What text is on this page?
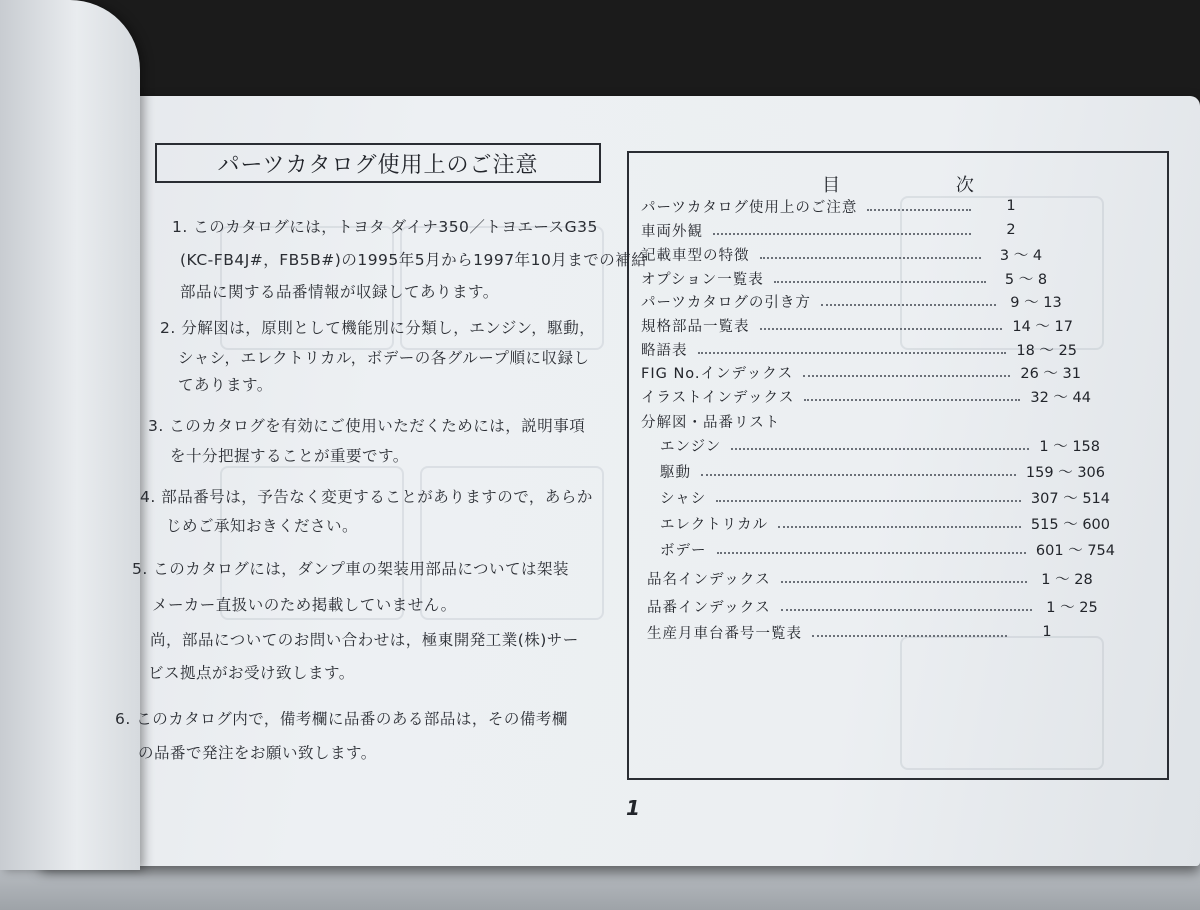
パーツカタログ使用上のご注意
1. このカタログには，トヨタ ダイナ350／トヨエースG35
(KC-FB4J#，FB5B#)の1995年5月から1997年10月までの補給
部品に関する品番情報が収録してあります。
2. 分解図は，原則として機能別に分類し，エンジン，駆動，
シャシ，エレクトリカル，ボデーの各グループ順に収録し
てあります。
3. このカタログを有効にご使用いただくためには，説明事項
を十分把握することが重要です。
4. 部品番号は，予告なく変更することがありますので，あらか
じめご承知おきください。
5. このカタログには，ダンプ車の架装用部品については架装
メーカー直扱いのため掲載していません。
尚，部品についてのお問い合わせは，極東開発工業(株)サー
ビス拠点がお受け致します。
6. このカタログ内で，備考欄に品番のある部品は，その備考欄
の品番で発注をお願い致します。
目	次
パーツカタログ使用上のご注意	1
車両外観	2
記載車型の特徴	3 ～ 4
オプション一覧表	5 ～ 8
パーツカタログの引き方	9 ～ 13
規格部品一覧表	14 ～ 17
略語表	18 ～ 25
FIG No.インデックス	26 ～ 31
イラストインデックス	32 ～ 44
分解図・品番リスト
エンジン	1 ～ 158
駆動	159 ～ 306
シャシ	307 ～ 514
エレクトリカル	515 ～ 600
ボデー	601 ～ 754
品名インデックス	1 ～ 28
品番インデックス	1 ～ 25
生産月車台番号一覧表	1
1
